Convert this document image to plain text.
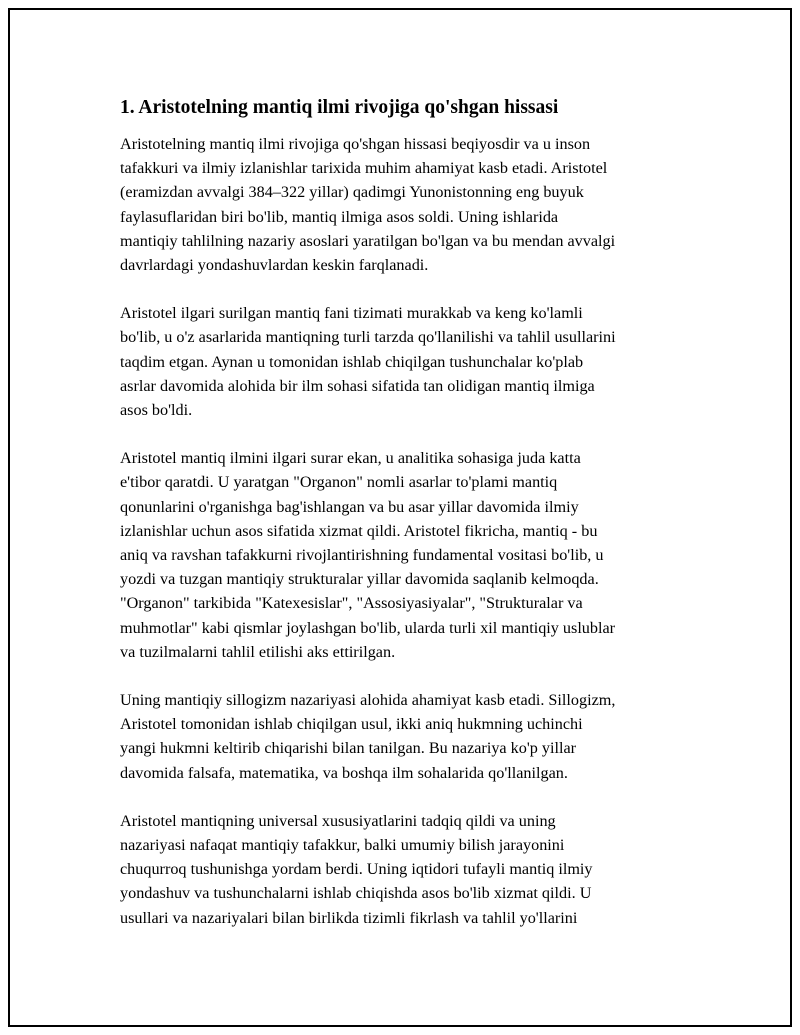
1. Aristotelning mantiq ilmi rivojiga qo'shgan hissasi
Aristotelning mantiq ilmi rivojiga qo'shgan hissasi beqiyosdir va u inson
tafakkuri va ilmiy izlanishlar tarixida muhim ahamiyat kasb etadi. Aristotel
(eramizdan avvalgi 384–322 yillar) qadimgi Yunonistonning eng buyuk
faylasuflaridan biri bo'lib, mantiq ilmiga asos soldi. Uning ishlarida
mantiqiy tahlilning nazariy asoslari yaratilgan bo'lgan va bu mendan avvalgi
davrlardagi yondashuvlardan keskin farqlanadi.
Aristotel ilgari surilgan mantiq fani tizimati murakkab va keng ko'lamli
bo'lib, u o'z asarlarida mantiqning turli tarzda qo'llanilishi va tahlil usullarini
taqdim etgan. Aynan u tomonidan ishlab chiqilgan tushunchalar ko'plab
asrlar davomida alohida bir ilm sohasi sifatida tan olidigan mantiq ilmiga
asos bo'ldi.
Aristotel mantiq ilmini ilgari surar ekan, u analitika sohasiga juda katta
e'tibor qaratdi. U yaratgan "Organon" nomli asarlar to'plami mantiq
qonunlarini o'rganishga bag'ishlangan va bu asar yillar davomida ilmiy
izlanishlar uchun asos sifatida xizmat qildi. Aristotel fikricha, mantiq - bu
aniq va ravshan tafakkurni rivojlantirishning fundamental vositasi bo'lib, u
yozdi va tuzgan mantiqiy strukturalar yillar davomida saqlanib kelmoqda.
"Organon" tarkibida "Katexesislar", "Assosiyasiyalar", "Strukturalar va
muhmotlar" kabi qismlar joylashgan bo'lib, ularda turli xil mantiqiy uslublar
va tuzilmalarni tahlil etilishi aks ettirilgan.
Uning mantiqiy sillogizm nazariyasi alohida ahamiyat kasb etadi. Sillogizm,
Aristotel tomonidan ishlab chiqilgan usul, ikki aniq hukmning uchinchi
yangi hukmni keltirib chiqarishi bilan tanilgan. Bu nazariya ko'p yillar
davomida falsafa, matematika, va boshqa ilm sohalarida qo'llanilgan.
Aristotel mantiqning universal xususiyatlarini tadqiq qildi va uning
nazariyasi nafaqat mantiqiy tafakkur, balki umumiy bilish jarayonini
chuqurroq tushunishga yordam berdi. Uning iqtidori tufayli mantiq ilmiy
yondashuv va tushunchalarni ishlab chiqishda asos bo'lib xizmat qildi. U
usullari va nazariyalari bilan birlikda tizimli fikrlash va tahlil yo'llarini
